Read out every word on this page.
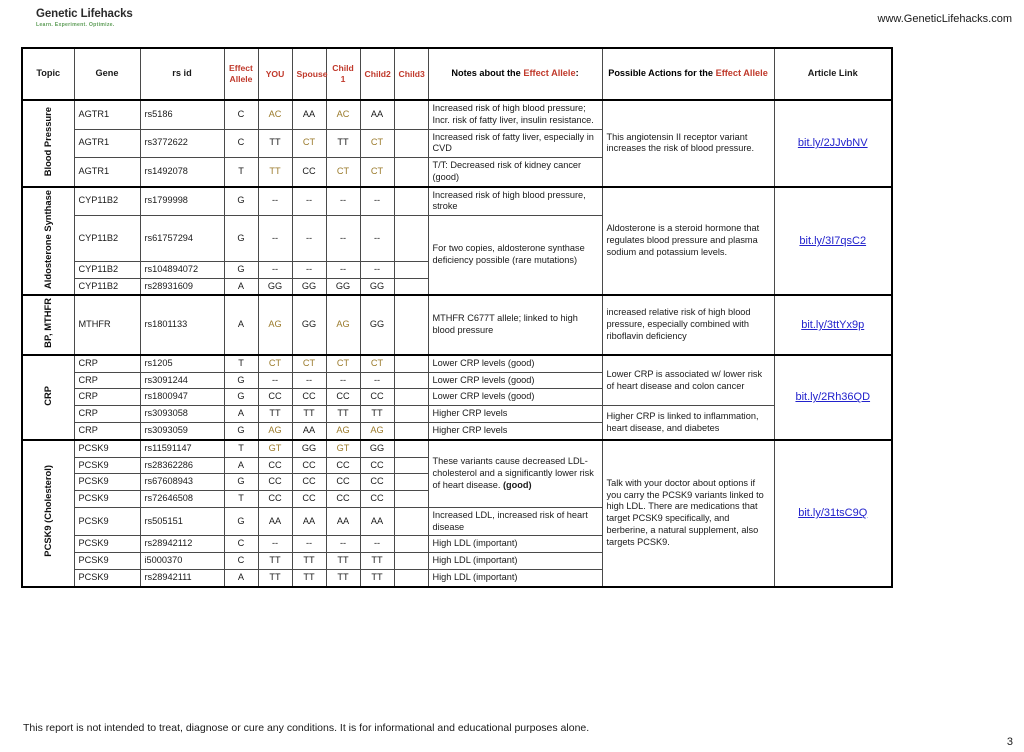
Genetic Lifehacks
Learn. Experiment. Optimize.	www.GeneticLifehacks.com
Topic	Gene	rs id	Effect Allele	YOU	Spouse	Child 1	Child2	Child3	Notes about the Effect Allele:	Possible Actions for the Effect Allele	Article Link
Blood Pressure	AGTR1	rs5186	C	AC	AA	AC	AA		Increased risk of high blood pressure; Incr. risk of fatty liver, insulin resistance.	This angiotensin II receptor variant increases the risk of blood pressure.	bit.ly/2JJvbNV
	AGTR1	rs3772622	C	TT	CT	TT	CT		Increased risk of fatty liver, especially in CVD		
	AGTR1	rs1492078	T	TT	CC	CT	CT		T/T: Decreased risk of kidney cancer (good)		
Aldosterone Synthase	CYP11B2	rs1799998	G	--	--	--	--		Increased risk of high blood pressure, stroke	Aldosterone is a steroid hormone that regulates blood pressure and plasma sodium and potassium levels.	bit.ly/3I7qsC2
	CYP11B2	rs61757294	G	--	--	--	--		For two copies, aldosterone synthase deficiency possible (rare mutations)		
	CYP11B2	rs104894072	G	--	--	--	--				
	CYP11B2	rs28931609	A	GG	GG	GG	GG				
BP, MTHFR	MTHFR	rs1801133	A	AG	GG	AG	GG		MTHFR C677T allele; linked to high blood pressure	increased relative risk of high blood pressure, especially combined with riboflavin deficiency	bit.ly/3ttYx9p
CRP	CRP	rs1205	T	CT	CT	CT	CT		Lower CRP levels (good)	Lower CRP is associated w/ lower risk of heart disease and colon cancer	bit.ly/2Rh36QD
	CRP	rs3091244	G	--	--	--	--		Lower CRP levels (good)		
	CRP	rs1800947	G	CC	CC	CC	CC		Lower CRP levels (good)		
	CRP	rs3093058	A	TT	TT	TT	TT		Higher CRP levels	Higher CRP is linked to inflammation, heart disease, and diabetes	
	CRP	rs3093059	G	AG	AA	AG	AG		Higher CRP levels		
PCSK9 (Cholesterol)	PCSK9	rs11591147	T	GT	GG	GT	GG		These variants cause decreased LDL-cholesterol and a significantly lower risk of heart disease. (good)	Talk with your doctor about options if you carry the PCSK9 variants linked to high LDL. There are medications that target PCSK9 specifically, and berberine, a natural supplement, also targets PCSK9.	bit.ly/31tsC9Q
	PCSK9	rs28362286	A	CC	CC	CC	CC				
	PCSK9	rs67608943	G	CC	CC	CC	CC				
	PCSK9	rs72646508	T	CC	CC	CC	CC				
	PCSK9	rs505151	G	AA	AA	AA	AA		Increased LDL, increased risk of heart disease		
	PCSK9	rs28942112	C	--	--	--	--		High LDL (important)		
	PCSK9	i5000370	C	TT	TT	TT	TT		High LDL (important)		
	PCSK9	rs28942111	A	TT	TT	TT	TT		High LDL (important)		
This report is not intended to treat, diagnose or cure any conditions. It is for informational and educational purposes alone.
3
